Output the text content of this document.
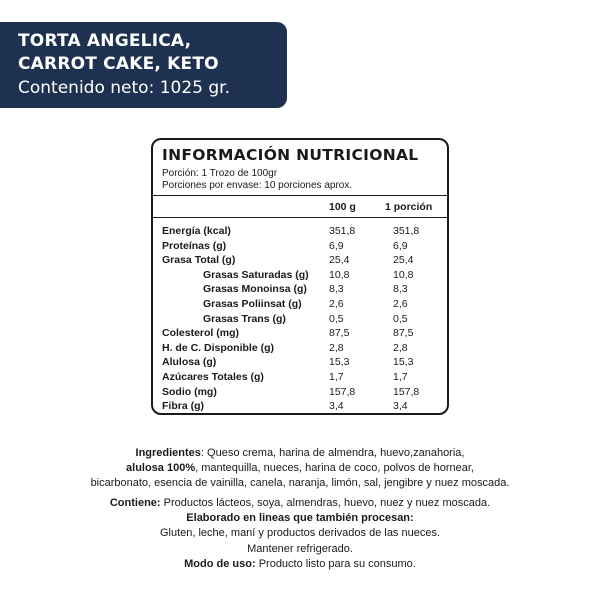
TORTA ANGELICA,
CARROT CAKE, KETO
Contenido neto: 1025 gr.
INFORMACIÓN NUTRICIONAL
Porción: 1 Trozo de 100gr
Porciones por envase: 10 porciones aprox.
100 g	1 porción
Energía (kcal)	351,8	351,8
Proteínas (g)	6,9	6,9
Grasa Total (g)	25,4	25,4
Grasas Saturadas (g) 10,8	10,8
Grasas Monoinsa (g) 8,3	8,3
Grasas Poliinsat (g)	2,6	2,6
Grasas Trans (g)	0,5	0,5
Colesterol (mg)	87,5	87,5
H. de C. Disponible (g)	2,8	2,8
Alulosa (g)	15,3	15,3
Azúcares Totales (g)	1,7	1,7
Sodio (mg)	157,8	157,8
Fibra (g)	3,4	3,4
Ingredientes: Queso crema, harina de almendra, huevo,zanahoria,
alulosa 100%, mantequilla, nueces, harina de coco, polvos de hornear,
bicarbonato, esencia de vainilla, canela, naranja, limón, sal, jengibre y nuez moscada.
Contiene: Productos lácteos, soya, almendras, huevo, nuez y nuez moscada.
Elaborado en lineas que también procesan:
Gluten, leche, maní y productos derivados de las nueces.
Mantener refrigerado.
Modo de uso: Producto listo para su consumo.
